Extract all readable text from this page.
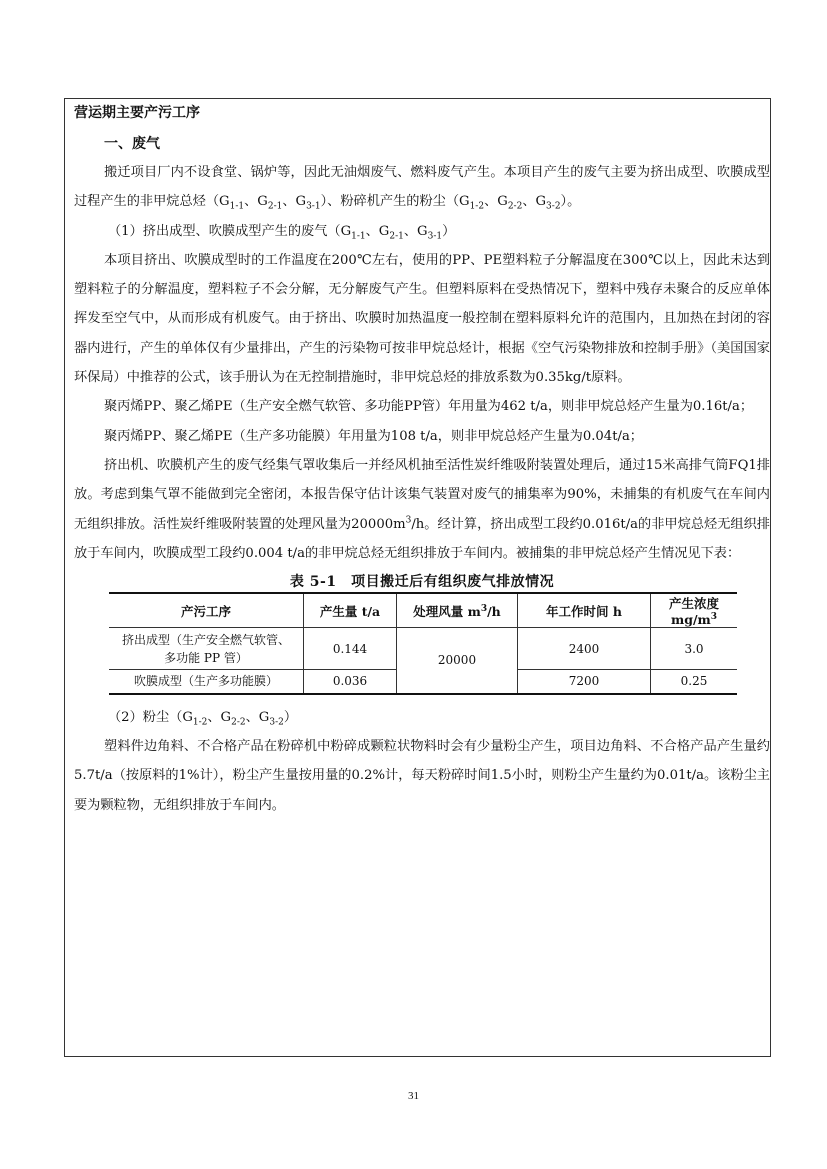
营运期主要产污工序
一、废气

搬迁项目厂内不设食堂、锅炉等，因此无油烟废气、燃料废气产生。本项目产生的废气主要为挤出成型、吹膜成型过程产生的非甲烷总烃（$G_{1-1}$、$G_{2-1}$、$G_{3-1}$）、粉碎机产生的粉尘（$G_{1-2}$、$G_{2-2}$、$G_{3-2}$）。

（1）挤出成型、吹膜成型产生的废气（$G_{1-1}$、$G_{2-1}$、$G_{3-1}$）

本项目挤出、吹膜成型时的工作温度在200℃左右，使用的PP、PE塑料粒子分解温度在300℃以上，因此未达到塑料粒子的分解温度，塑料粒子不会分解，无分解废气产生。但塑料原料在受热情况下，塑料中残存未聚合的反应单体挥发至空气中，从而形成有机废气。由于挤出、吹膜时加热温度一般控制在塑料原料允许的范围内，且加热在封闭的容器内进行，产生的单体仅有少量排出，产生的污染物可按非甲烷总烃计，根据《空气污染物排放和控制手册》（美国国家环保局）中推荐的公式，该手册认为在无控制措施时，非甲烷总烃的排放系数为0.35kg/t原料。

聚丙烯PP、聚乙烯PE（生产安全燃气软管、多功能PP管）年用量为462 t/a，则非甲烷总烃产生量为0.16t/a；

聚丙烯PP、聚乙烯PE（生产多功能膜）年用量为108 t/a，则非甲烷总烃产生量为0.04t/a；

挤出机、吹膜机产生的废气经集气罩收集后一并经风机抽至活性炭纤维吸附装置处理后，通过15米高排气筒FQ1排放。考虑到集气罩不能做到完全密闭，本报告保守估计该集气装置对废气的捕集率为90%，未捕集的有机废气在车间内无组织排放。活性炭纤维吸附装置的处理风量为$20000m^3/h$。经计算，挤出成型工段约0.016t/a的非甲烷总烃无组织排放于车间内，吹膜成型工段约0.004 t/a的非甲烷总烃无组织排放于车间内。被捕集的非甲烷总烃产生情况见下表：

表 5-1　项目搬迁后有组织废气排放情况
产污工序	产生量 t/a	处理风量 $m^3/h$	年工作时间 h	产生浓度 $mg/m^3$
挤出成型（生产安全燃气软管、多功能 PP 管）	0.144	20000	2400	3.0
吹膜成型（生产多功能膜）	0.036		7200	0.25

（2）粉尘（$G_{1-2}$、$G_{2-2}$、$G_{3-2}$）

塑料件边角料、不合格产品在粉碎机中粉碎成颗粒状物料时会有少量粉尘产生，项目边角料、不合格产品产生量约5.7t/a（按原料的1%计），粉尘产生量按用量的0.2%计，每天粉碎时间1.5小时，则粉尘产生量约为0.01t/a。该粉尘主要为颗粒物，无组织排放于车间内。

31
